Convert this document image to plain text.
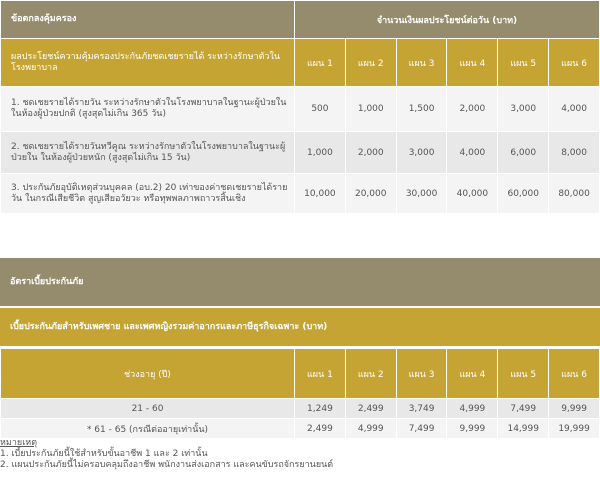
ข้อตกลงคุ้มครอง	จำนวนเงินผลประโยชน์ต่อวัน (บาท)					
ผลประโยชน์ความคุ้มครองประกันภัยชดเชยรายได้ ระหว่างรักษาตัวในโรงพยาบาล	แผน 1	แผน 2	แผน 3	แผน 4	แผน 5	แผน 6
1. ชดเชยรายได้รายวัน ระหว่างรักษาตัวในโรงพยาบาลในฐานะผู้ป่วยใน ในห้องผู้ป่วยปกติ (สูงสุดไม่เกิน 365 วัน)	500	1,000	1,500	2,000	3,000	4,000
2. ชดเชยรายได้รายวันทวีคูณ ระหว่างรักษาตัวในโรงพยาบาลในฐานะผู้ป่วยใน ในห้องผู้ป่วยหนัก (สูงสุดไม่เกิน 15 วัน)	1,000	2,000	3,000	4,000	6,000	8,000
3. ประกันภัยอุบัติเหตุส่วนบุคคล (อบ.2) 20 เท่าของค่าชดเชยรายได้รายวัน ในกรณีเสียชีวิต สูญเสียอวัยวะ หรือทุพพลภาพถาวรสิ้นเชิง	10,000	20,000	30,000	40,000	60,000	80,000
อัตราเบี้ยประกันภัย
เบี้ยประกันภัยสำหรับเพศชาย และเพศหญิงรวมค่าอากรและภาษีธุรกิจเฉพาะ (บาท)
ช่วงอายุ (ปี)	แผน 1	แผน 2	แผน 3	แผน 4	แผน 5	แผน 6
21 - 60	1,249	2,499	3,749	4,999	7,499	9,999
* 61 - 65 (กรณีต่ออายุเท่านั้น)	2,499	4,999	7,499	9,999	14,999	19,999
หมายเหตุ
1. เบี้ยประกันภัยนี้ใช้สำหรับขั้นอาชีพ 1 และ 2 เท่านั้น
2. แผนประกันภัยนี้ไม่ครอบคลุมถึงอาชีพ พนักงานส่งเอกสาร และคนขับรถจักรยานยนต์
